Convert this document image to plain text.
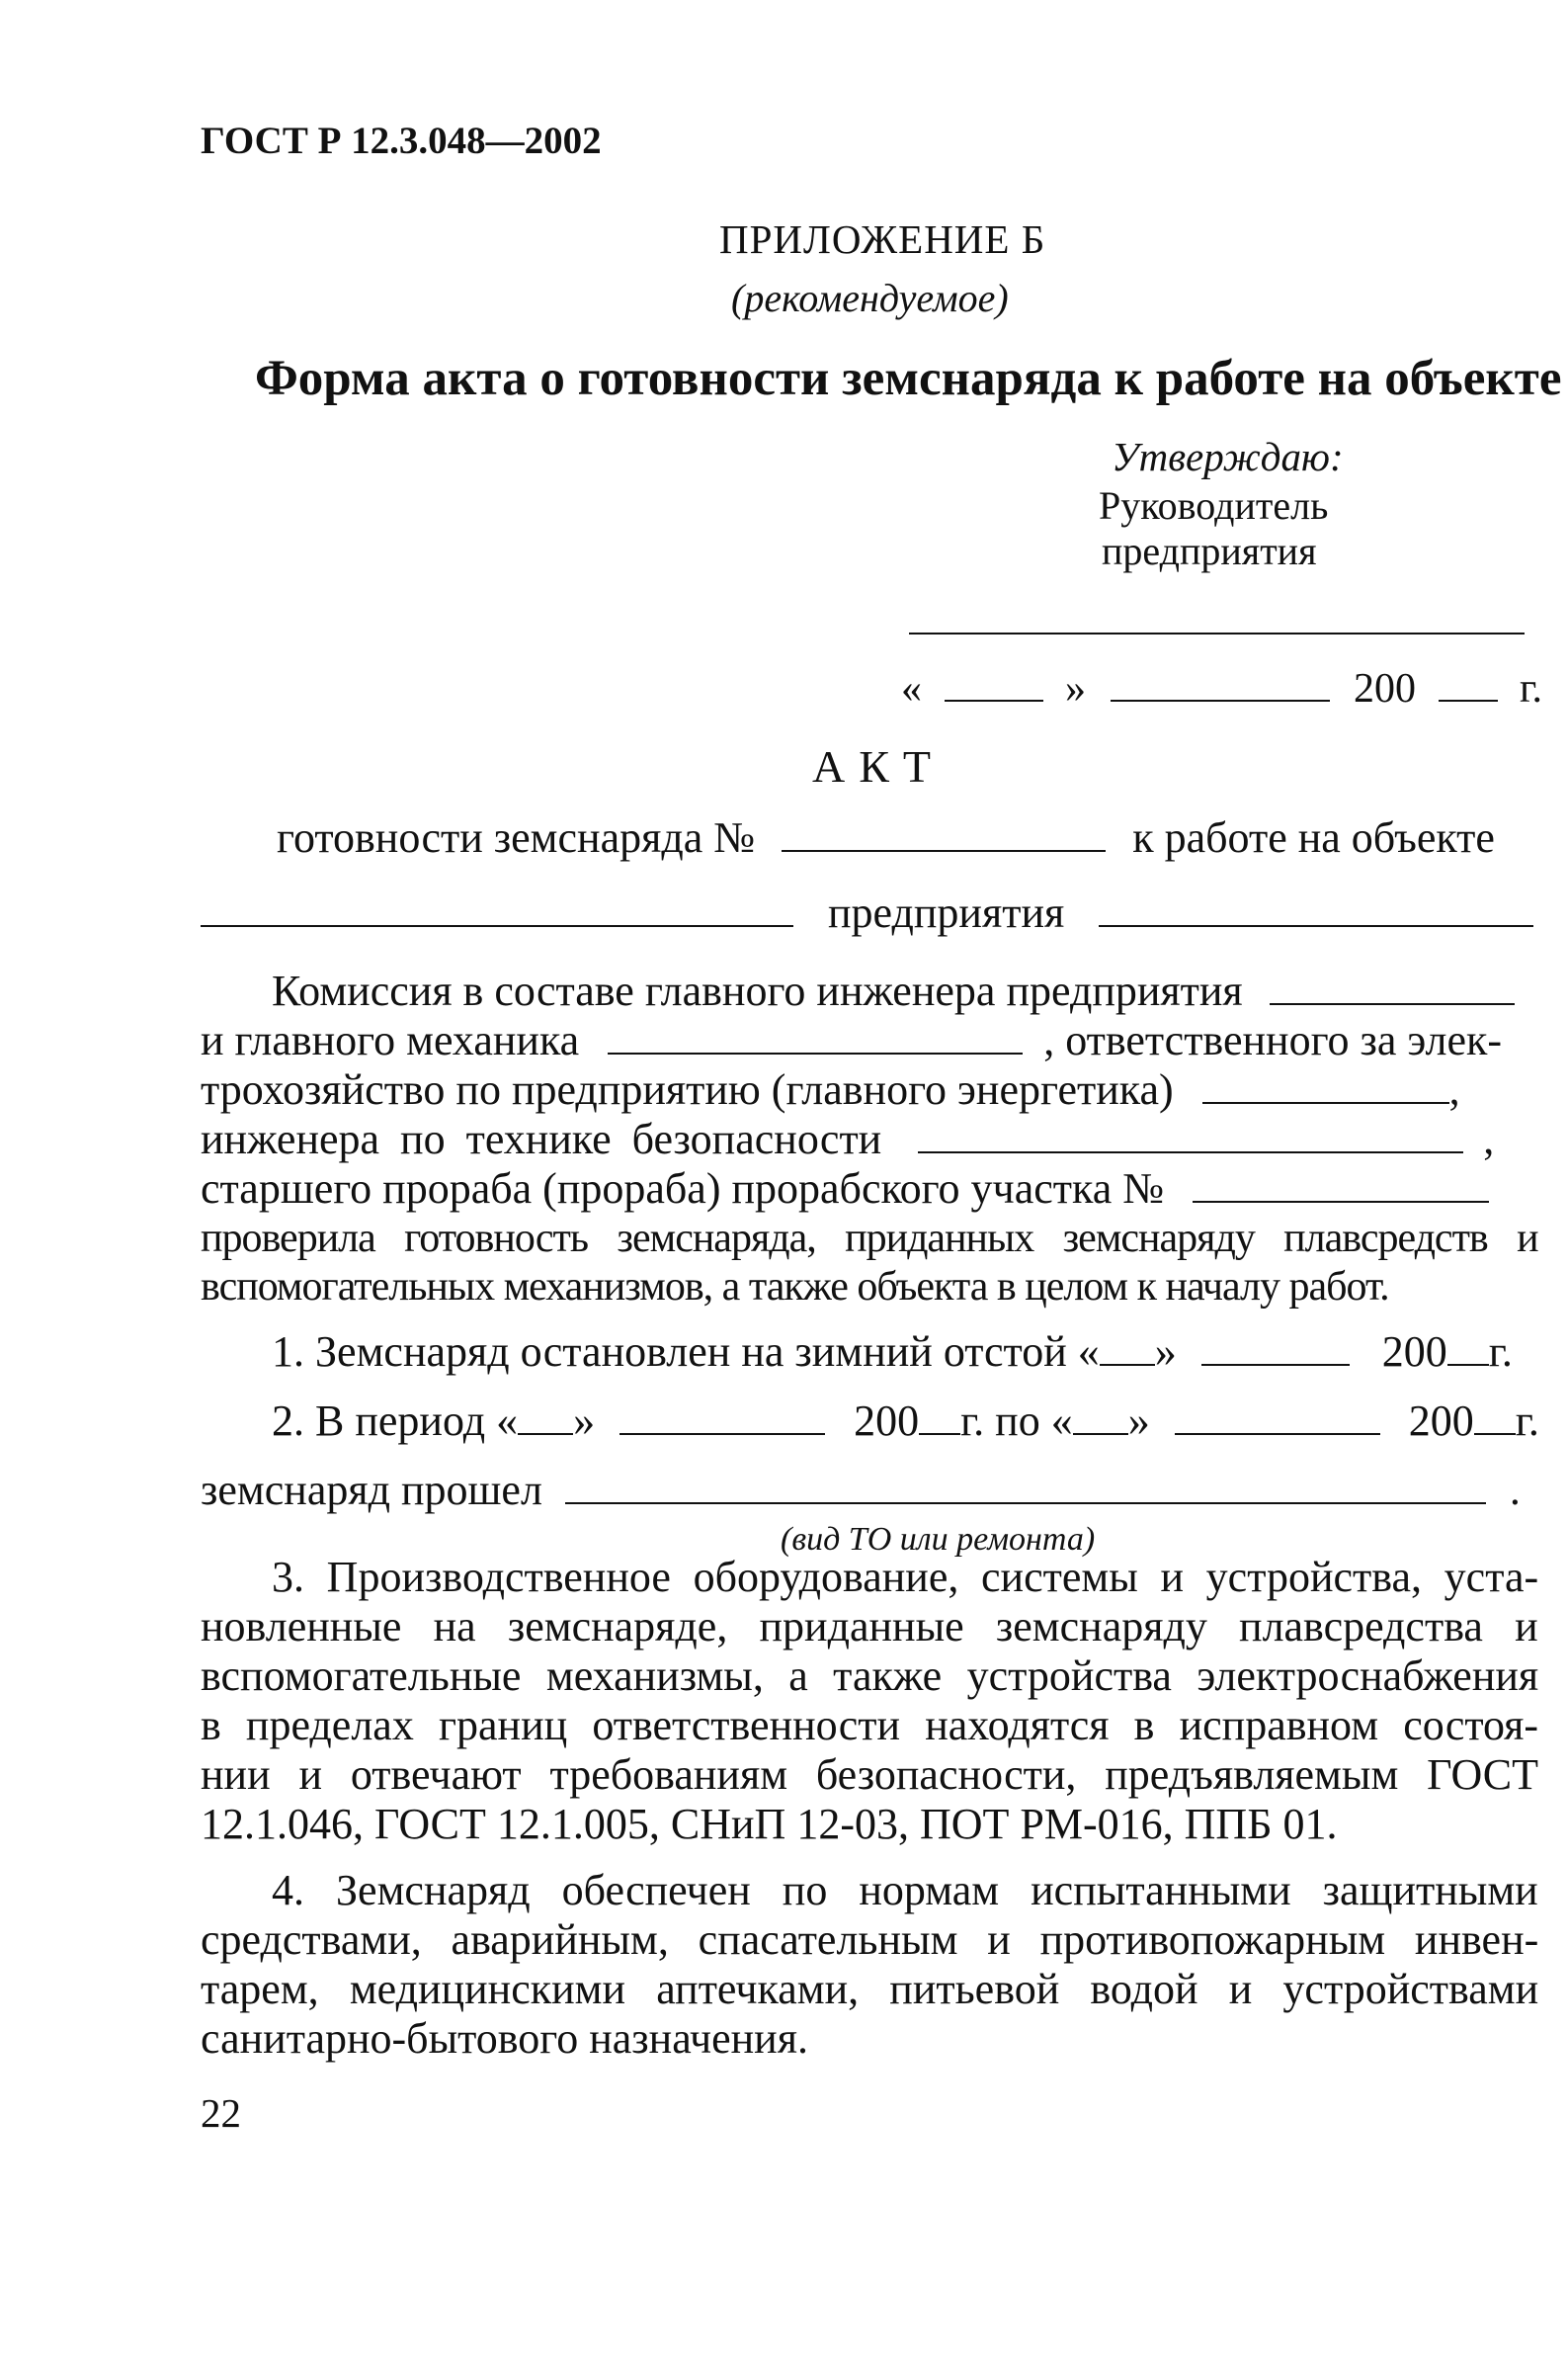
ГОСТ Р 12.3.048—2002
ПРИЛОЖЕНИЕ Б
(рекомендуемое)
Форма акта о готовности земснаряда к работе на объекте
Утверждаю:
Руководитель
предприятия
«	»	200	г.
АКТ
готовности земснаряда №	к работе на объекте
предприятия
Комиссия в составе главного инженера предприятия
и главного механика	, ответственного за элек-
трохозяйство по предприятию (главного энергетика)	,
инженера по технике безопасности	,
старшего прораба (прораба) прорабского участка №
проверила готовность земснаряда, приданных земснаряду плавсредств и
вспомогательных механизмов, а также объекта в целом к началу работ.
1. Земснаряд остановлен на зимний отстой « »	200 г.
2. В период « »	200 г. по « »	200 г.
земснаряд прошел	.
(вид ТО или ремонта)
3. Производственное оборудование, системы и устройства, уста-
новленные на земснаряде, приданные земснаряду плавсредства и
вспомогательные механизмы, а также устройства электроснабжения
в пределах границ ответственности находятся в исправном состоя-
нии и отвечают требованиям безопасности, предъявляемым ГОСТ
12.1.046, ГОСТ 12.1.005, СНиП 12-03, ПОТ РМ-016, ППБ 01.
4. Земснаряд обеспечен по нормам испытанными защитными
средствами, аварийным, спасательным и противопожарным инвен-
тарем, медицинскими аптечками, питьевой водой и устройствами
санитарно-бытового назначения.
22
